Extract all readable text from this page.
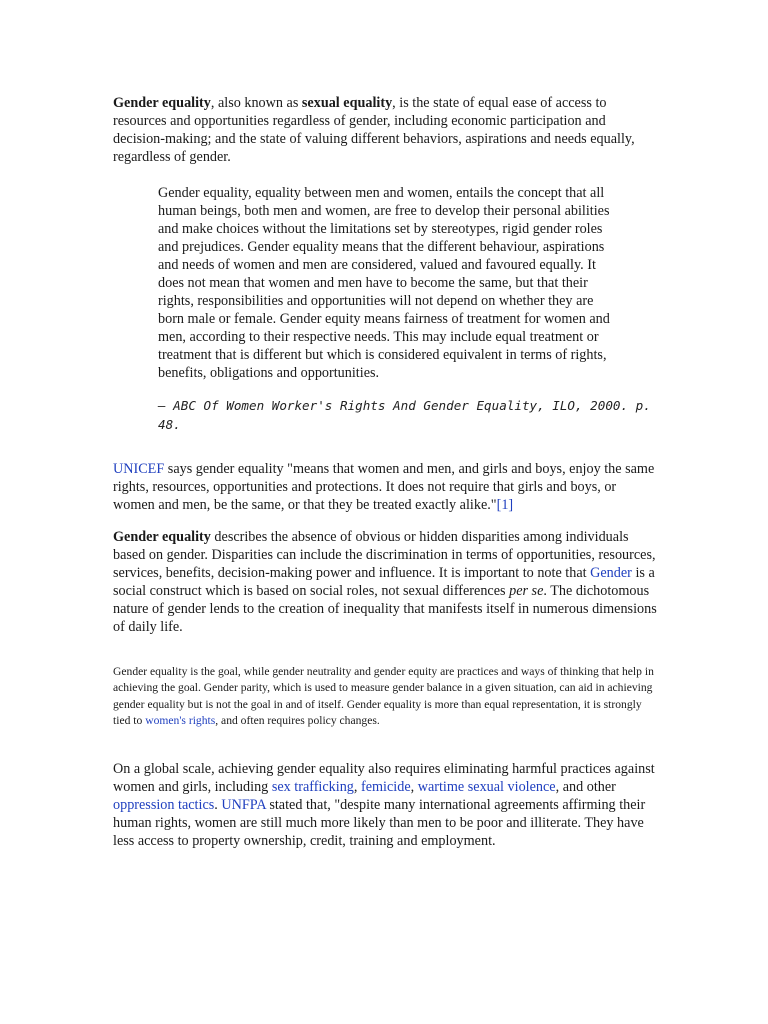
Gender equality, also known as sexual equality, is the state of equal ease of access to resources and opportunities regardless of gender, including economic participation and decision-making; and the state of valuing different behaviors, aspirations and needs equally, regardless of gender.

Gender equality, equality between men and women, entails the concept that all human beings, both men and women, are free to develop their personal abilities and make choices without the limitations set by stereotypes, rigid gender roles and prejudices. Gender equality means that the different behaviour, aspirations and needs of women and men are considered, valued and favoured equally. It does not mean that women and men have to become the same, but that their rights, responsibilities and opportunities will not depend on whether they are born male or female. Gender equity means fairness of treatment for women and men, according to their respective needs. This may include equal treatment or treatment that is different but which is considered equivalent in terms of rights, benefits, obligations and opportunities.

— ABC Of Women Worker's Rights And Gender Equality, ILO, 2000. p. 48.

UNICEF says gender equality "means that women and men, and girls and boys, enjoy the same rights, resources, opportunities and protections. It does not require that girls and boys, or women and men, be the same, or that they be treated exactly alike."[1]

Gender equality describes the absence of obvious or hidden disparities among individuals based on gender. Disparities can include the discrimination in terms of opportunities, resources, services, benefits, decision-making power and influence. It is important to note that Gender is a social construct which is based on social roles, not sexual differences per se. The dichotomous nature of gender lends to the creation of inequality that manifests itself in numerous dimensions of daily life.

Gender equality is the goal, while gender neutrality and gender equity are practices and ways of thinking that help in achieving the goal. Gender parity, which is used to measure gender balance in a given situation, can aid in achieving gender equality but is not the goal in and of itself. Gender equality is more than equal representation, it is strongly tied to women's rights, and often requires policy changes.

On a global scale, achieving gender equality also requires eliminating harmful practices against women and girls, including sex trafficking, femicide, wartime sexual violence, and other oppression tactics. UNFPA stated that, "despite many international agreements affirming their human rights, women are still much more likely than men to be poor and illiterate. They have less access to property ownership, credit, training and employment.
